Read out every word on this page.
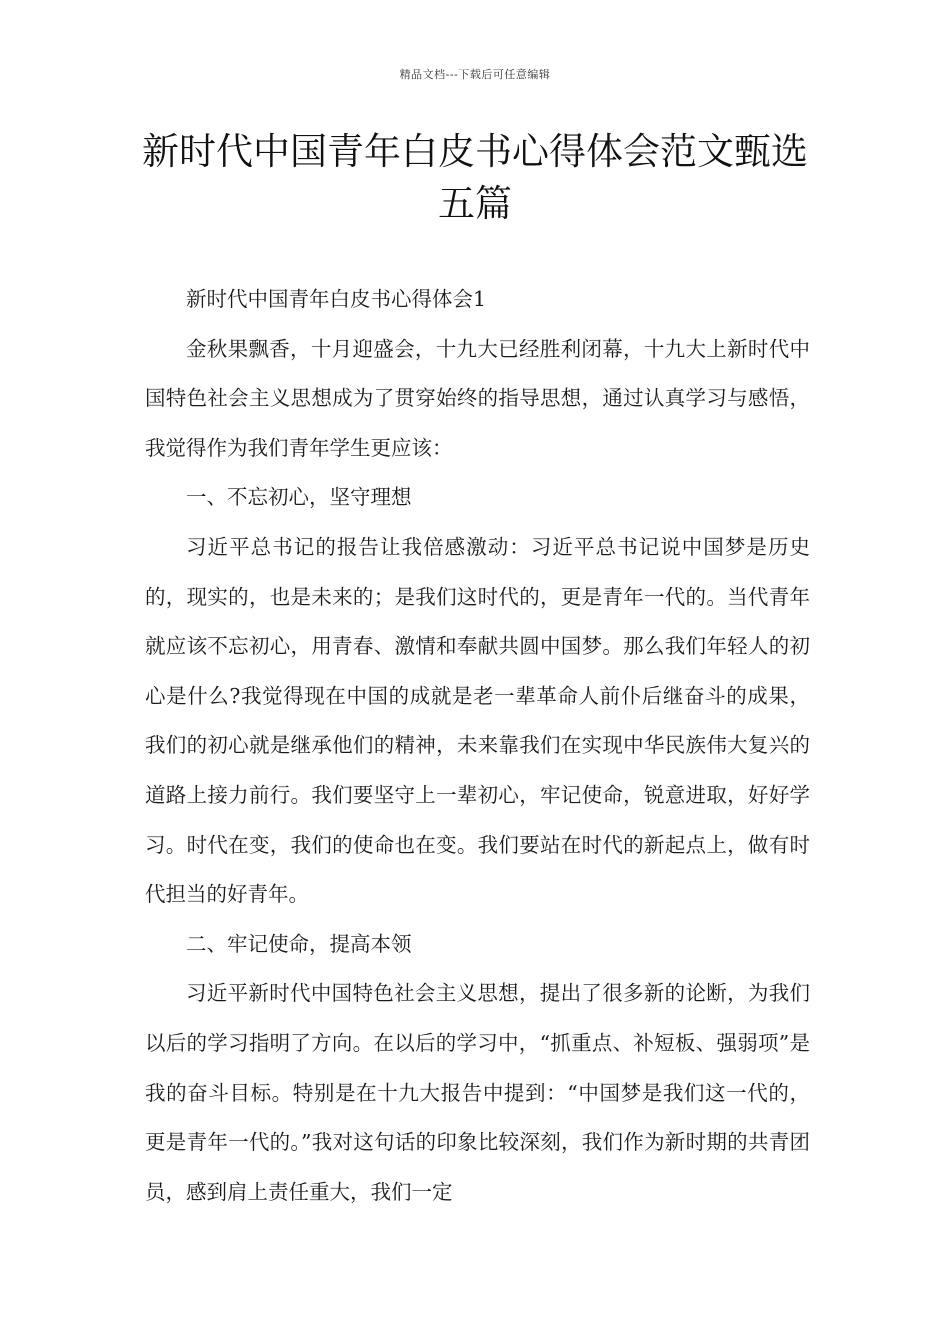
精品文档---下载后可任意编辑
新时代中国青年白皮书心得体会范文甄选五篇

新时代中国青年白皮书心得体会1

金秋果飘香，十月迎盛会，十九大已经胜利闭幕，十九大上新时代中国特色社会主义思想成为了贯穿始终的指导思想，通过认真学习与感悟，我觉得作为我们青年学生更应该：

一、不忘初心，坚守理想

习近平总书记的报告让我倍感激动：习近平总书记说中国梦是历史的，现实的，也是未来的；是我们这时代的，更是青年一代的。当代青年就应该不忘初心，用青春、激情和奉献共圆中国梦。那么我们年轻人的初心是什么?我觉得现在中国的成就是老一辈革命人前仆后继奋斗的成果，我们的初心就是继承他们的精神，未来靠我们在实现中华民族伟大复兴的道路上接力前行。我们要坚守上一辈初心，牢记使命，锐意进取，好好学习。时代在变，我们的使命也在变。我们要站在时代的新起点上，做有时代担当的好青年。

二、牢记使命，提高本领

习近平新时代中国特色社会主义思想，提出了很多新的论断，为我们以后的学习指明了方向。在以后的学习中，“抓重点、补短板、强弱项”是我的奋斗目标。特别是在十九大报告中提到：“中国梦是我们这一代的，更是青年一代的。”我对这句话的印象比较深刻，我们作为新时期的共青团员，感到肩上责任重大，我们一定
